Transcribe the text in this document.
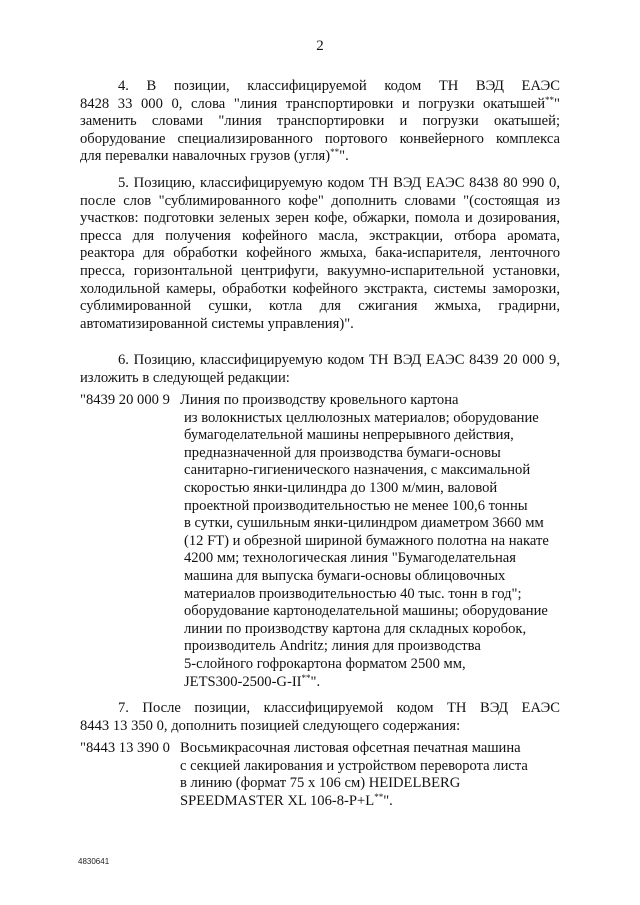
2
4. В позиции, классифицируемой кодом ТН ВЭД ЕАЭС
8428 33 000 0, слова "линия транспортировки и погрузки окатышей**"
заменить словами "линия транспортировки и погрузки окатышей;
оборудование специализированного портового конвейерного комплекса
для перевалки навалочных грузов (угля)**".
5. Позицию, классифицируемую кодом ТН ВЭД ЕАЭС 8438 80 990 0,
после слов "сублимированного кофе" дополнить словами "(состоящая из
участков: подготовки зеленых зерен кофе, обжарки, помола и дозирования,
пресса для получения кофейного масла, экстракции, отбора аромата,
реактора для обработки кофейного жмыха, бака-испарителя, ленточного
пресса, горизонтальной центрифуги, вакуумно-испарительной установки,
холодильной камеры, обработки кофейного экстракта, системы заморозки,
сублимированной сушки, котла для сжигания жмыха, градирни,
автоматизированной системы управления)".
6. Позицию, классифицируемую кодом ТН ВЭД ЕАЭС 8439 20 000 9,
изложить в следующей редакции:
"8439 20 000 9 Линия по производству кровельного картона
из волокнистых целлюлозных материалов; оборудование
бумагоделательной машины непрерывного действия,
предназначенной для производства бумаги-основы
санитарно-гигиенического назначения, с максимальной
скоростью янки-цилиндра до 1300 м/мин, валовой
проектной производительностью не менее 100,6 тонны
в сутки, сушильным янки-цилиндром диаметром 3660 мм
(12 FT) и обрезной шириной бумажного полотна на накате
4200 мм; технологическая линия "Бумагоделательная
машина для выпуска бумаги-основы облицовочных
материалов производительностью 40 тыс. тонн в год";
оборудование картоноделательной машины; оборудование
линии по производству картона для складных коробок,
производитель Andritz; линия для производства
5-слойного гофрокартона форматом 2500 мм,
JETS300-2500-G-II**".
7. После позиции, классифицируемой кодом ТН ВЭД ЕАЭС
8443 13 350 0, дополнить позицией следующего содержания:
"8443 13 390 0 Восьмикрасочная листовая офсетная печатная машина
с секцией лакирования и устройством переворота листа
в линию (формат 75 х 106 см) HEIDELBERG
SPEEDMASTER XL 106-8-P+L**".
4830641
